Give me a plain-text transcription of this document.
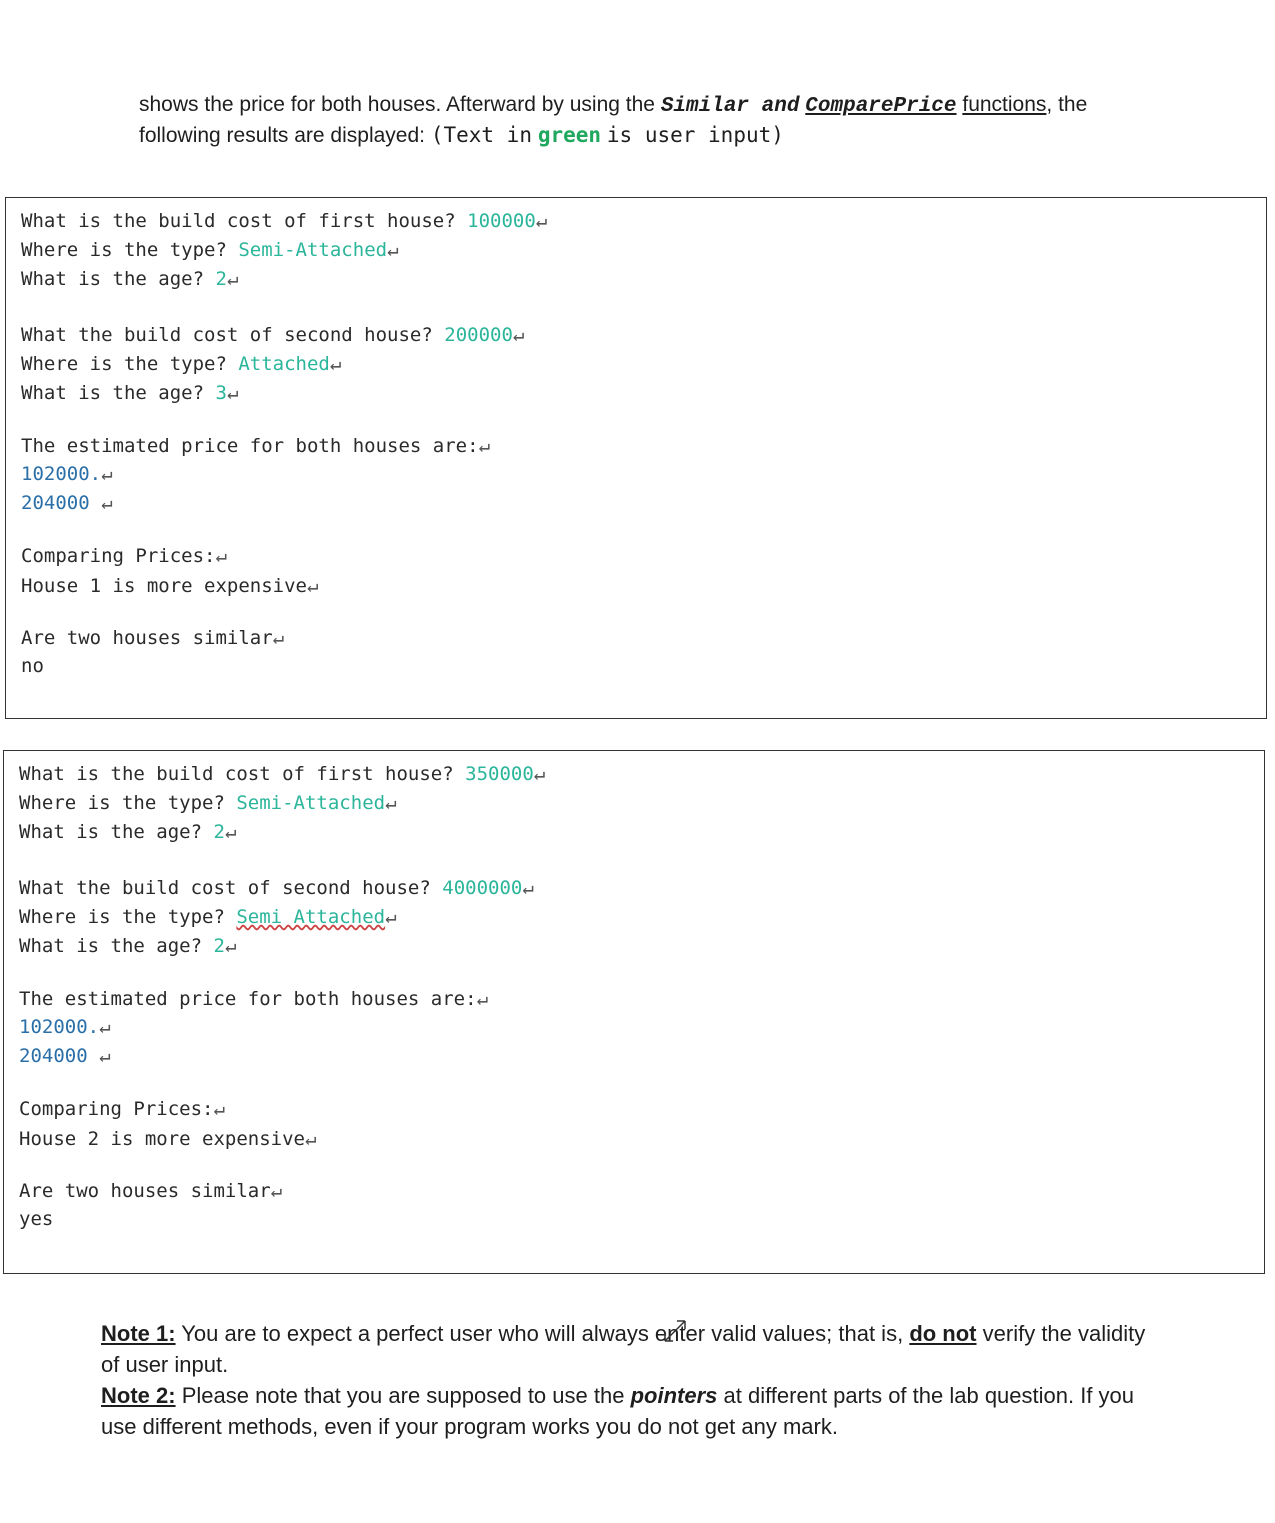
shows the price for both houses. Afterward by using the Similar and ComparePrice functions, the
following results are displayed: (Text in green is user input)
What is the build cost of first house? 100000↵
Where is the type? Semi-Attached↵
What is the age? 2↵
What the build cost of second house? 200000↵
Where is the type? Attached↵
What is the age? 3↵
The estimated price for both houses are:↵
102000.↵
204000 ↵
Comparing Prices:↵
House 1 is more expensive↵
Are two houses similar↵
no
What is the build cost of first house? 350000↵
Where is the type? Semi-Attached↵
What is the age? 2↵
What the build cost of second house? 4000000↵
Where is the type? Semi Attached↵
What is the age? 2↵
The estimated price for both houses are:↵
102000.↵
204000 ↵
Comparing Prices:↵
House 2 is more expensive↵
Are two houses similar↵
yes
Note 1: You are to expect a perfect user who will always enter valid values; that is, do not verify the validity of user input.
Note 2: Please note that you are supposed to use the pointers at different parts of the lab question. If you use different methods, even if your program works you do not get any mark.
